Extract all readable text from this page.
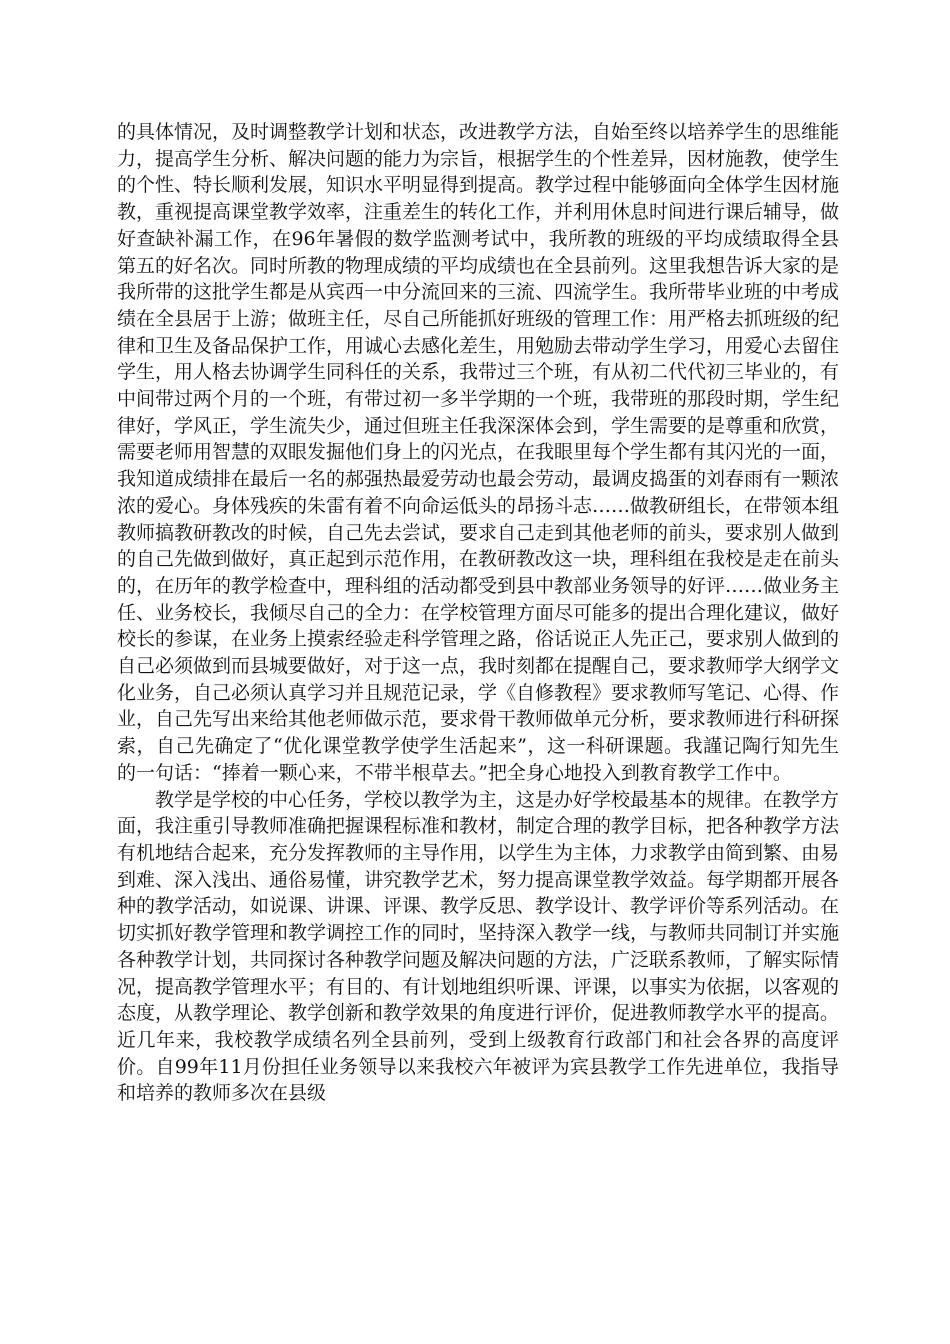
的具体情况，及时调整教学计划和状态，改进教学方法，自始至终以培养学生的思维能力，提高学生分析、解决问题的能力为宗旨，根据学生的个性差异，因材施教，使学生的个性、特长顺利发展，知识水平明显得到提高。教学过程中能够面向全体学生因材施教，重视提高课堂教学效率，注重差生的转化工作，并利用休息时间进行课后辅导，做好查缺补漏工作，在96年暑假的数学监测考试中，我所教的班级的平均成绩取得全县第五的好名次。同时所教的物理成绩的平均成绩也在全县前列。这里我想告诉大家的是我所带的这批学生都是从宾西一中分流回来的三流、四流学生。我所带毕业班的中考成绩在全县居于上游；做班主任，尽自己所能抓好班级的管理工作：用严格去抓班级的纪律和卫生及备品保护工作，用诚心去感化差生，用勉励去带动学生学习，用爱心去留住学生，用人格去协调学生同科任的关系，我带过三个班，有从初二代代初三毕业的，有中间带过两个月的一个班，有带过初一多半学期的一个班，我带班的那段时期，学生纪律好，学风正，学生流失少，通过但班主任我深深体会到，学生需要的是尊重和欣赏，需要老师用智慧的双眼发掘他们身上的闪光点，在我眼里每个学生都有其闪光的一面，我知道成绩排在最后一名的郝强热最爱劳动也最会劳动，最调皮捣蛋的刘春雨有一颗浓浓的爱心。身体残疾的朱雷有着不向命运低头的昂扬斗志……做教研组长，在带领本组教师搞教研教改的时候，自己先去尝试，要求自己走到其他老师的前头，要求别人做到的自己先做到做好，真正起到示范作用，在教研教改这一块，理科组在我校是走在前头的，在历年的教学检查中，理科组的活动都受到县中教部业务领导的好评……做业务主任、业务校长，我倾尽自己的全力：在学校管理方面尽可能多的提出合理化建议，做好校长的参谋，在业务上摸索经验走科学管理之路，俗话说正人先正己，要求别人做到的自己必须做到而县城要做好，对于这一点，我时刻都在提醒自己，要求教师学大纲学文化业务，自己必须认真学习并且规范记录，学《自修教程》要求教师写笔记、心得、作业，自己先写出来给其他老师做示范，要求骨干教师做单元分析，要求教师进行科研探索，自己先确定了“优化课堂教学使学生活起来”，这一科研课题。我謹记陶行知先生的一句话：“捧着一颗心来，不带半根草去。”把全身心地投入到教育教学工作中。

教学是学校的中心任务，学校以教学为主，这是办好学校最基本的规律。在教学方面，我注重引导教师准确把握课程标准和教材，制定合理的教学目标，把各种教学方法有机地结合起来，充分发挥教师的主导作用，以学生为主体，力求教学由简到繁、由易到难、深入浅出、通俗易懂，讲究教学艺术，努力提高课堂教学效益。每学期都开展各种的教学活动，如说课、讲课、评课、教学反思、教学设计、教学评价等系列活动。在切实抓好教学管理和教学调控工作的同时，坚持深入教学一线，与教师共同制订并实施各种教学计划，共同探讨各种教学问题及解决问题的方法，广泛联系教师，了解实际情况，提高教学管理水平；有目的、有计划地组织听课、评课，以事实为依据，以客观的态度，从教学理论、教学创新和教学效果的角度进行评价，促进教师教学水平的提高。近几年来，我校教学成绩名列全县前列，受到上级教育行政部门和社会各界的高度评价。自99年11月份担任业务领导以来我校六年被评为宾县教学工作先进单位，我指导和培养的教师多次在县级
